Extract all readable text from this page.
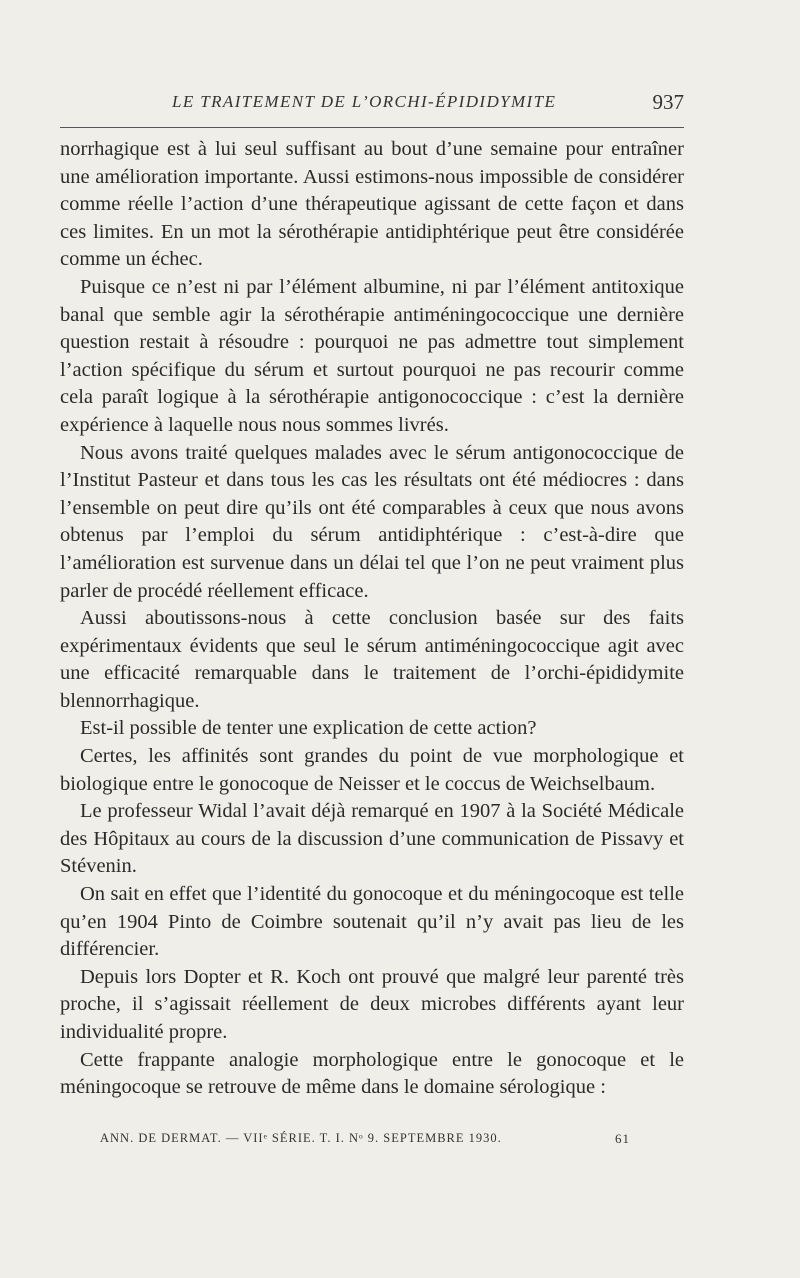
LE TRAITEMENT DE L’ORCHI-ÉPIDIDYMITE	937

norrhagique est à lui seul suffisant au bout d’une semaine pour entraîner une amélioration importante. Aussi estimons-nous impossible de considérer comme réelle l’action d’une thérapeutique agissant de cette façon et dans ces limites. En un mot la sérothérapie antidiphtérique peut être considérée comme un échec.

Puisque ce n’est ni par l’élément albumine, ni par l’élément antitoxique banal que semble agir la sérothérapie antiméningococcique une dernière question restait à résoudre : pourquoi ne pas admettre tout simplement l’action spécifique du sérum et surtout pourquoi ne pas recourir comme cela paraît logique à la sérothérapie antigonococcique : c’est la dernière expérience à laquelle nous nous sommes livrés.

Nous avons traité quelques malades avec le sérum antigonococcique de l’Institut Pasteur et dans tous les cas les résultats ont été médiocres : dans l’ensemble on peut dire qu’ils ont été comparables à ceux que nous avons obtenus par l’emploi du sérum antidiphtérique : c’est-à-dire que l’amélioration est survenue dans un délai tel que l’on ne peut vraiment plus parler de procédé réellement efficace.

Aussi aboutissons-nous à cette conclusion basée sur des faits expérimentaux évidents que seul le sérum antiméningococcique agit avec une efficacité remarquable dans le traitement de l’orchi-épididymite blennorrhagique.

Est-il possible de tenter une explication de cette action?

Certes, les affinités sont grandes du point de vue morphologique et biologique entre le gonocoque de Neisser et le coccus de Weichselbaum.

Le professeur Widal l’avait déjà remarqué en 1907 à la Société Médicale des Hôpitaux au cours de la discussion d’une communication de Pissavy et Stévenin.

On sait en effet que l’identité du gonocoque et du méningocoque est telle qu’en 1904 Pinto de Coimbre soutenait qu’il n’y avait pas lieu de les différencier.

Depuis lors Dopter et R. Koch ont prouvé que malgré leur parenté très proche, il s’agissait réellement de deux microbes différents ayant leur individualité propre.

Cette frappante analogie morphologique entre le gonocoque et le méningocoque se retrouve de même dans le domaine sérologique :

ANN. DE DERMAT. — VIIᵉ SÉRIE. T. I. Nᵒ 9. SEPTEMBRE 1930.	61
